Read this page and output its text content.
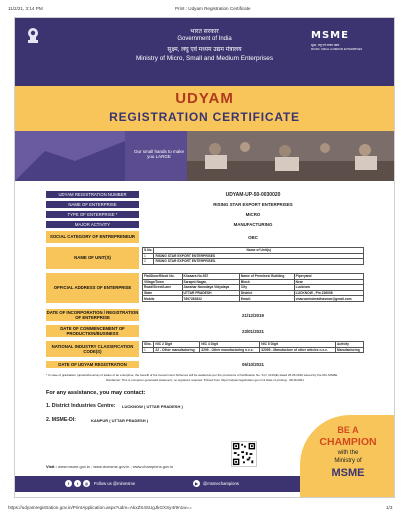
11/2/21, 3:14 PM	Print : Udyam Registration Certificate
भारत सरकार
Government of India
सूक्ष्म, लघु एवं मध्यम उद्यम मंत्रालय
Ministry of Micro, Small and Medium Enterprises
MSME
सूक्ष्म, लघु एवं मध्यम उद्यम
MICRO, SMALL & MEDIUM ENTERPRISES
UDYAM
REGISTRATION CERTIFICATE
Our small hands to make you LARGE
UDYAM REGISTRATION NUMBER	UDYAM-UP-50-0030020
NAME OF ENTERPRISE	RISING STAR EXPORT ENTERPRISES
TYPE OF ENTERPRISE *	MICRO
MAJOR ACTIVITY	MANUFACTURING
SOCIAL CATEGORY OF ENTREPRENEUR	OBC
NAME OF UNIT(S)
S.No.	Name of Unit(s)
1	RISING STAR EXPORT ENTERPRISES
2	RISING STAR EXPORT ENTERPRISES.
OFFICIAL ADDRESS OF ENTERPRISE
Flat/Door/Block No.	Khasara No.937	Name of Premises/ Building	Piperyand
Village/Town	Sarapni Nagar,	Block	Near
Road/Street/Lane	Jawahar Navodaya Vidyalaya	City	Lucknow
State	UTTAR PRADESH	District	LUCKNOW , Pin 226008
Mobile	7897282832	Email:	chauvanindrradhasmar@gmail.com
DATE OF INCORPORATION / REGISTRATION OF ENTERPRISE	21/12/2019
DATE OF COMMENCEMENT OF PRODUCTION/BUSINESS	23/01/2021
NATIONAL INDUSTRY CLASSIFICATION CODE(S)
SNo.	NIC 2 Digit	NIC 4 Digit	NIC 5 Digit	Activity
1	22 - Other manufacturing	3299 - Other manufacturing n.e.c.	32099 - Manufacture of other articles n.e.c.	Manufacturing
DATE OF UDYAM REGISTRATION	06/10/2021
* In case of graduation (upward/reverse) of status of an enterprise, the benefit of the Government Schemes will be availed as per the provisions of Notification No. S.O. 2119(E) dated 26.06.2020 issued by the M/o MSME.
Disclaimer: This is computer generated statement, no signature required. Printed from https://udyamregistration.gov.in & Date of printing:- 02/11/2021
For any assistance, you may contact:
1. District Industries Centre: LUCKNOW ( UTTAR PRADESH )
2. MSME-DI:	KANPUR ( UTTAR PRADESH )
BE A
CHAMPION
with the
Ministry of
MSME
Visit : www.msme.gov.in ; www.dcmsme.gov.in ; www.champions.gov.in
f	t	◎	Follow us @minmsme	▶	@msmechampions
https://udyamregistration.gov.in/PrintApplication.aspx?udm=AkxZS4SUgJkGXSy4r9n1w==	1/3
